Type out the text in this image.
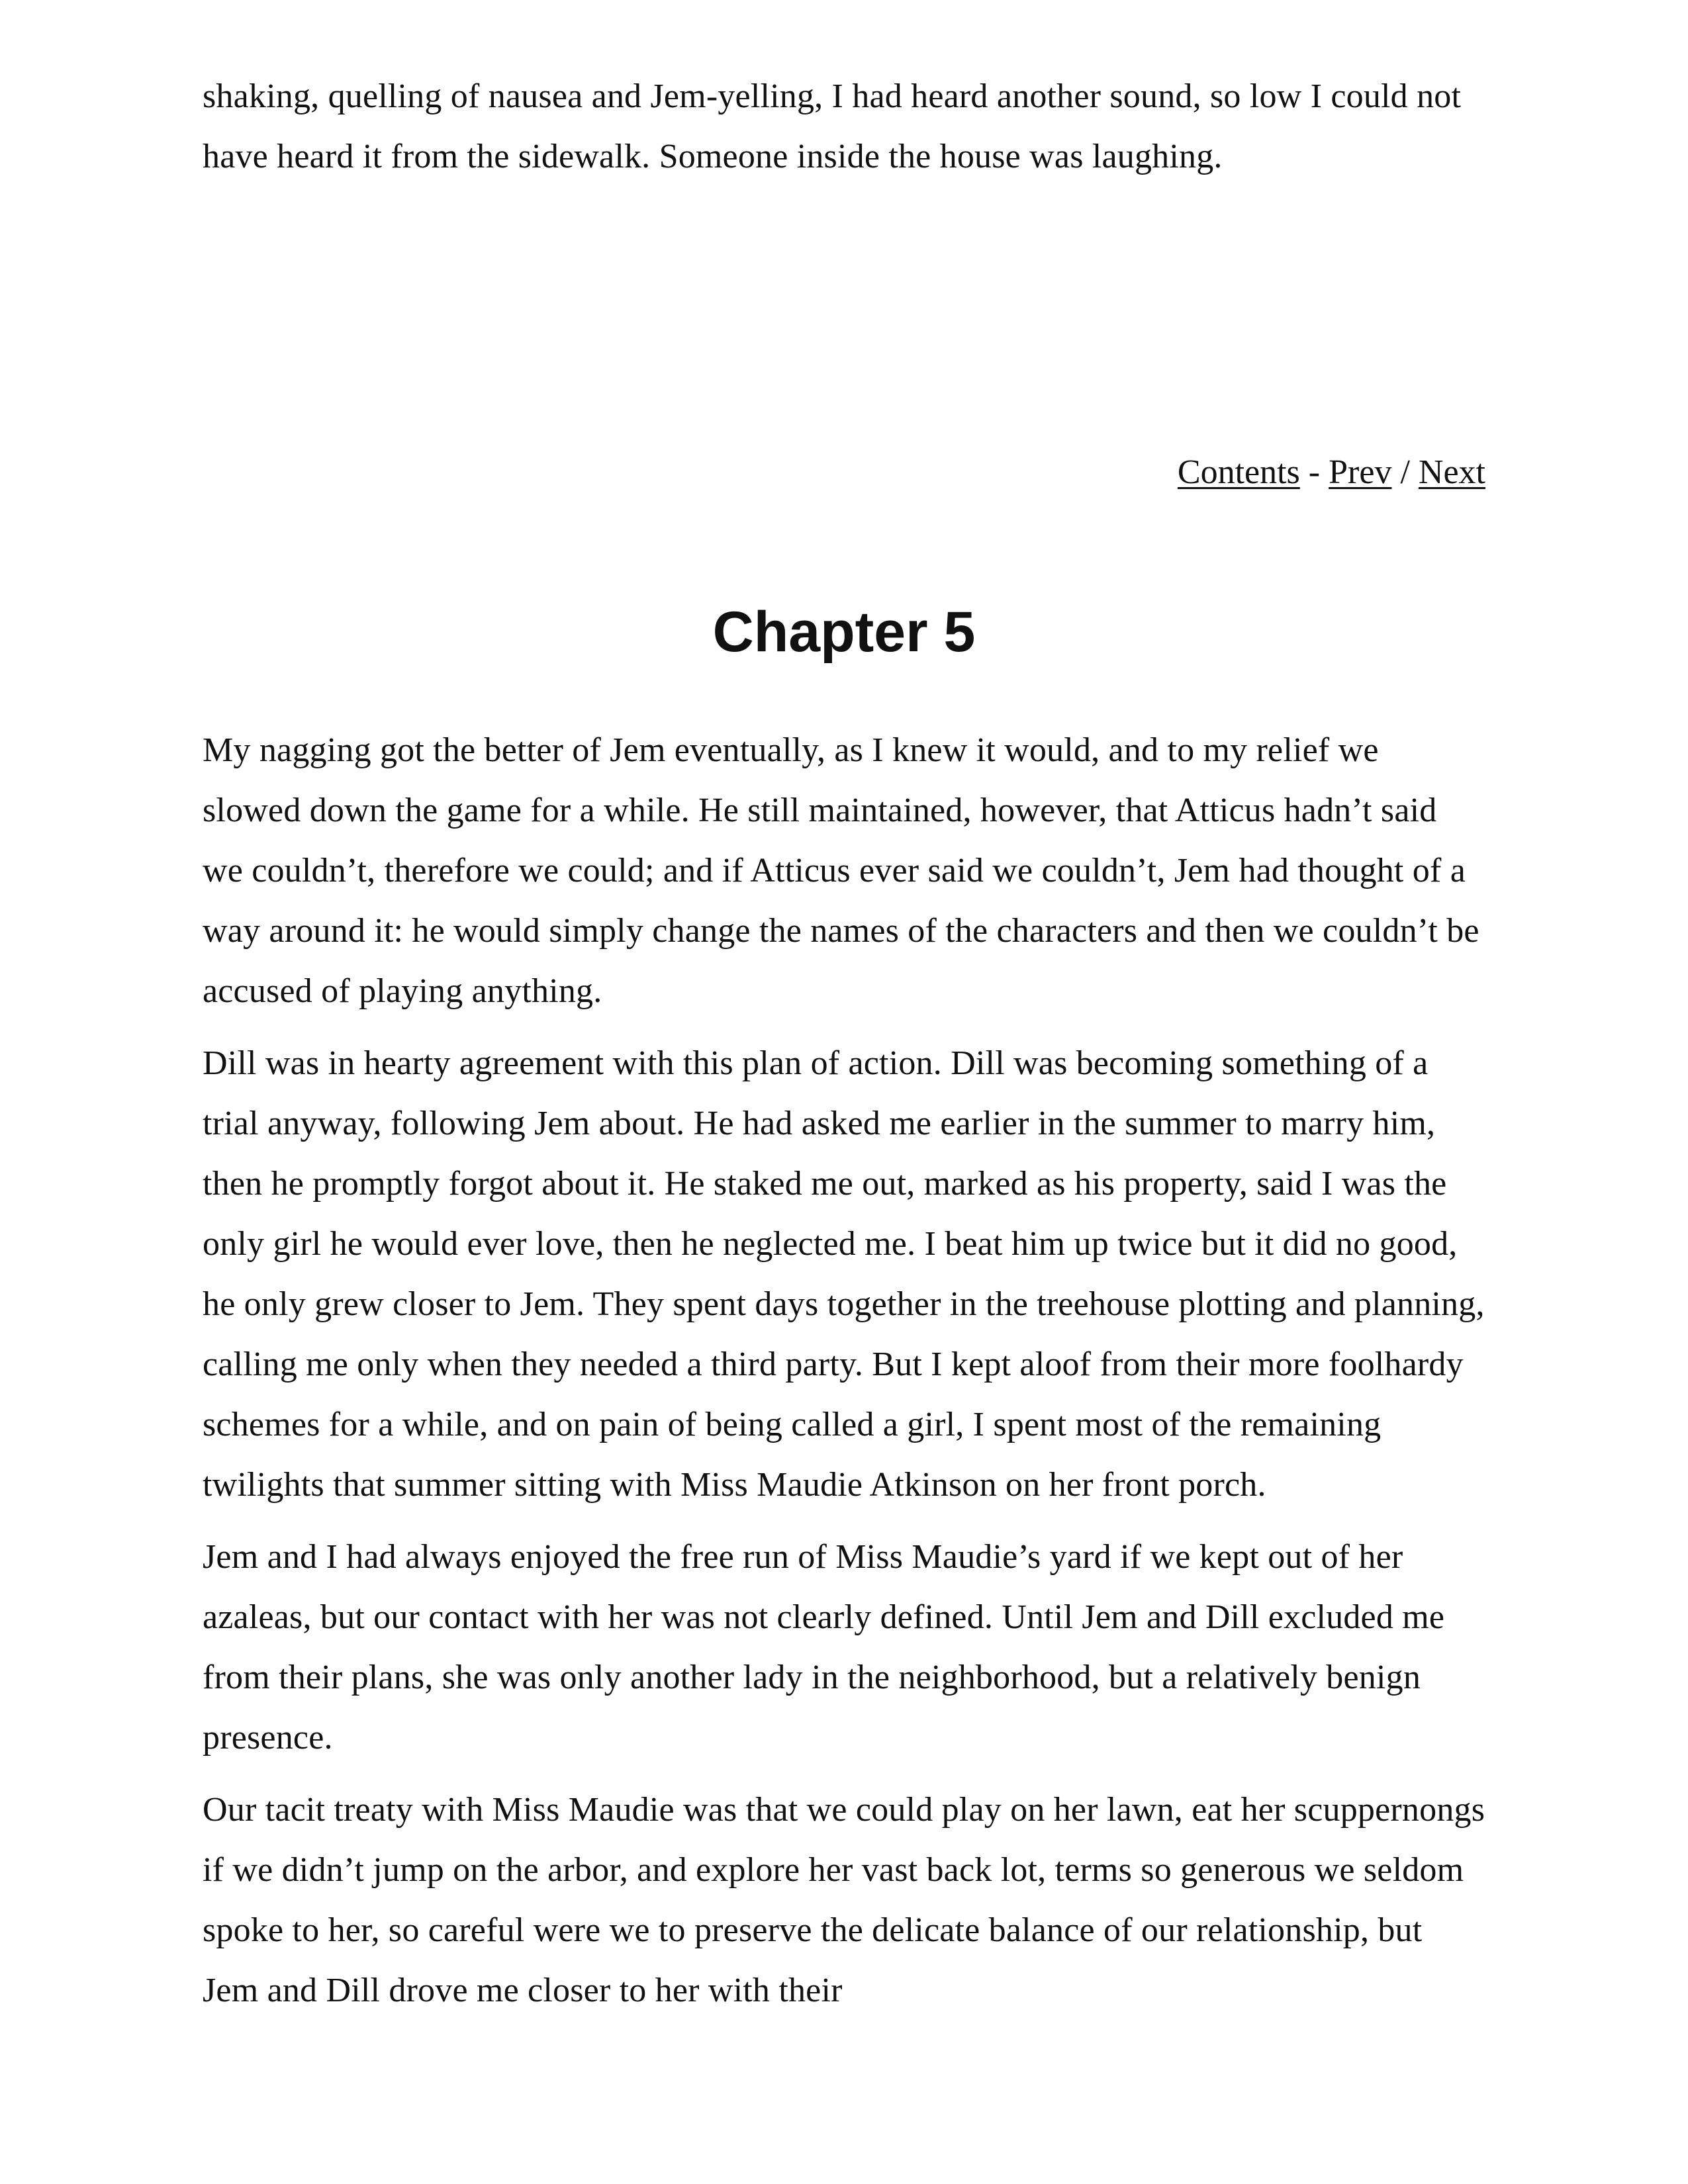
shaking, quelling of nausea and Jem-yelling, I had heard another sound, so low I could not have heard it from the sidewalk. Someone inside the house was laughing.

Contents - Prev / Next
Chapter 5

My nagging got the better of Jem eventually, as I knew it would, and to my relief we slowed down the game for a while. He still maintained, however, that Atticus hadn’t said we couldn’t, therefore we could; and if Atticus ever said we couldn’t, Jem had thought of a way around it: he would simply change the names of the characters and then we couldn’t be accused of playing anything.

Dill was in hearty agreement with this plan of action. Dill was becoming something of a trial anyway, following Jem about. He had asked me earlier in the summer to marry him, then he promptly forgot about it. He staked me out, marked as his property, said I was the only girl he would ever love, then he neglected me. I beat him up twice but it did no good, he only grew closer to Jem. They spent days together in the treehouse plotting and planning, calling me only when they needed a third party. But I kept aloof from their more foolhardy schemes for a while, and on pain of being called a girl, I spent most of the remaining twilights that summer sitting with Miss Maudie Atkinson on her front porch.

Jem and I had always enjoyed the free run of Miss Maudie’s yard if we kept out of her azaleas, but our contact with her was not clearly defined. Until Jem and Dill excluded me from their plans, she was only another lady in the neighborhood, but a relatively benign presence.

Our tacit treaty with Miss Maudie was that we could play on her lawn, eat her scuppernongs if we didn’t jump on the arbor, and explore her vast back lot, terms so generous we seldom spoke to her, so careful were we to preserve the delicate balance of our relationship, but Jem and Dill drove me closer to her with their
